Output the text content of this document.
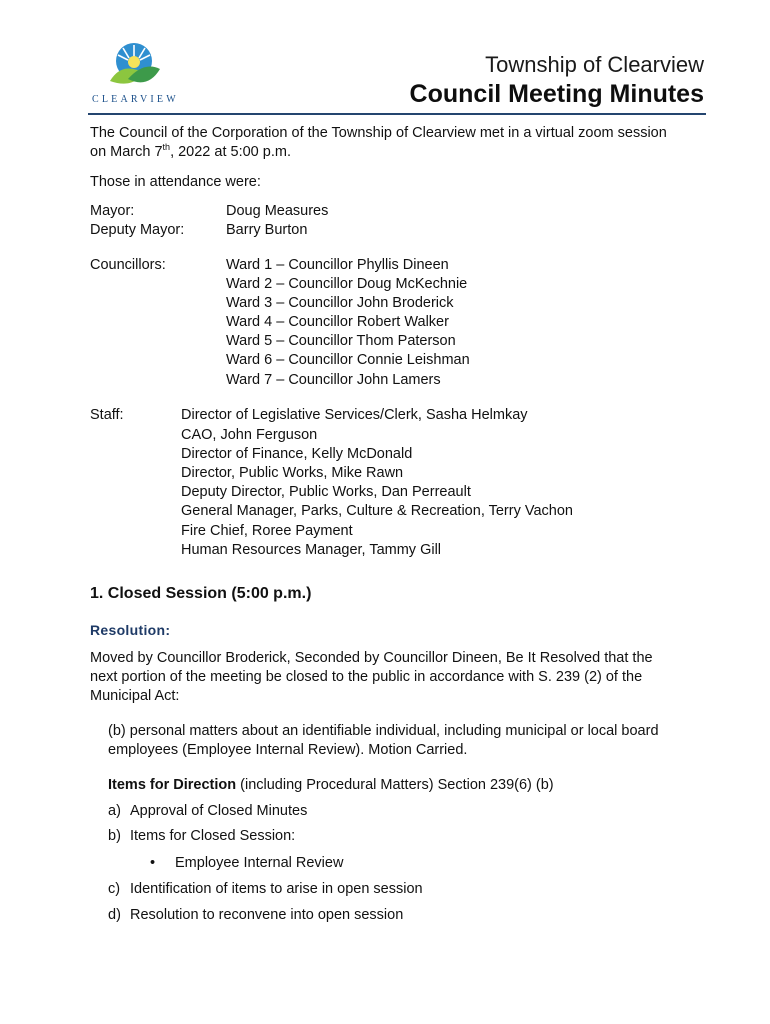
CLEARVIEW
Township of Clearview
Council Meeting Minutes
The Council of the Corporation of the Township of Clearview met in a virtual zoom session
on March 7th, 2022 at 5:00 p.m.
Those in attendance were:
Mayor:	Doug Measures
Deputy Mayor:	Barry Burton
Councillors:	Ward 1 – Councillor Phyllis Dineen
Ward 2 – Councillor Doug McKechnie
Ward 3 – Councillor John Broderick
Ward 4 – Councillor Robert Walker
Ward 5 – Councillor Thom Paterson
Ward 6 – Councillor Connie Leishman
Ward 7 – Councillor John Lamers
Staff:	Director of Legislative Services/Clerk, Sasha Helmkay
CAO, John Ferguson
Director of Finance, Kelly McDonald
Director, Public Works, Mike Rawn
Deputy Director, Public Works, Dan Perreault
General Manager, Parks, Culture & Recreation, Terry Vachon
Fire Chief, Roree Payment
Human Resources Manager, Tammy Gill
1. Closed Session (5:00 p.m.)
Resolution:
Moved by Councillor Broderick, Seconded by Councillor Dineen, Be It Resolved that the
next portion of the meeting be closed to the public in accordance with S. 239 (2) of the
Municipal Act:
(b) personal matters about an identifiable individual, including municipal or local board
employees (Employee Internal Review). Motion Carried.
Items for Direction (including Procedural Matters) Section 239(6) (b)
a) Approval of Closed Minutes
b) Items for Closed Session:
• Employee Internal Review
c) Identification of items to arise in open session
d) Resolution to reconvene into open session
